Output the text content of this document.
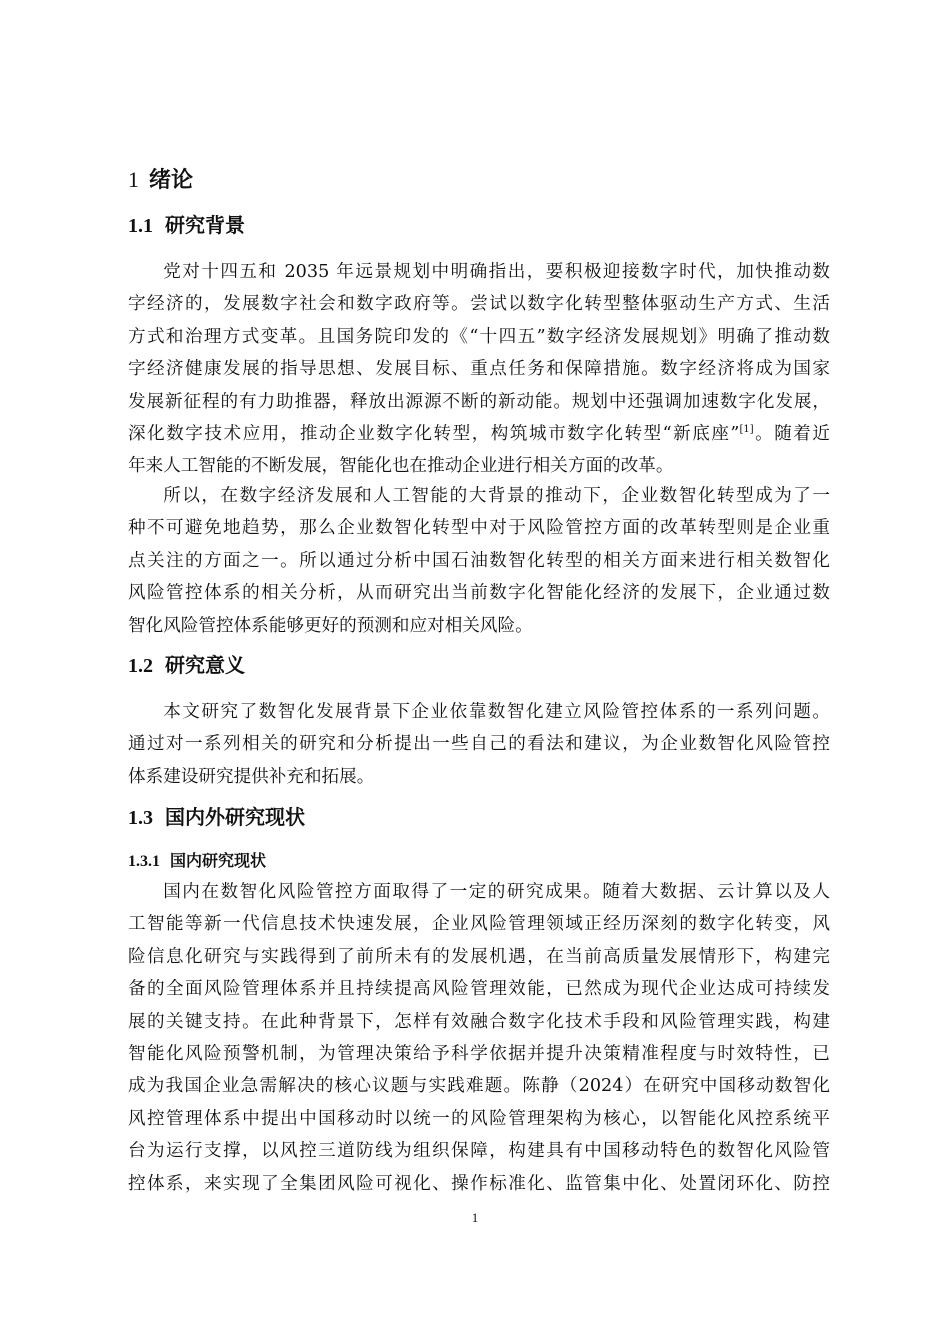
1 绪论
1.1 研究背景
党对十四五和 2035 年远景规划中明确指出，要积极迎接数字时代，加快推动数
字经济的，发展数字社会和数字政府等。尝试以数字化转型整体驱动生产方式、生活
方式和治理方式变革。且国务院印发的《“十四五”数字经济发展规划》明确了推动数
字经济健康发展的指导思想、发展目标、重点任务和保障措施。数字经济将成为国家
发展新征程的有力助推器，释放出源源不断的新动能。规划中还强调加速数字化发展，
深化数字技术应用，推动企业数字化转型，构筑城市数字化转型“新底座”[1]。随着近
年来人工智能的不断发展，智能化也在推动企业进行相关方面的改革。
所以，在数字经济发展和人工智能的大背景的推动下，企业数智化转型成为了一
种不可避免地趋势，那么企业数智化转型中对于风险管控方面的改革转型则是企业重
点关注的方面之一。所以通过分析中国石油数智化转型的相关方面来进行相关数智化
风险管控体系的相关分析，从而研究出当前数字化智能化经济的发展下，企业通过数
智化风险管控体系能够更好的预测和应对相关风险。
1.2 研究意义
本文研究了数智化发展背景下企业依靠数智化建立风险管控体系的一系列问题。
通过对一系列相关的研究和分析提出一些自己的看法和建议，为企业数智化风险管控
体系建设研究提供补充和拓展。
1.3 国内外研究现状
1.3.1 国内研究现状
国内在数智化风险管控方面取得了一定的研究成果。随着大数据、云计算以及人
工智能等新一代信息技术快速发展，企业风险管理领域正经历深刻的数字化转变，风
险信息化研究与实践得到了前所未有的发展机遇，在当前高质量发展情形下，构建完
备的全面风险管理体系并且持续提高风险管理效能，已然成为现代企业达成可持续发
展的关键支持。在此种背景下，怎样有效融合数字化技术手段和风险管理实践，构建
智能化风险预警机制，为管理决策给予科学依据并提升决策精准程度与时效特性，已
成为我国企业急需解决的核心议题与实践难题。陈静（2024）在研究中国移动数智化
风控管理体系中提出中国移动时以统一的风险管理架构为核心，以智能化风控系统平
台为运行支撑，以风控三道防线为组织保障，构建具有中国移动特色的数智化风险管
控体系，来实现了全集团风险可视化、操作标准化、监管集中化、处置闭环化、防控
1
